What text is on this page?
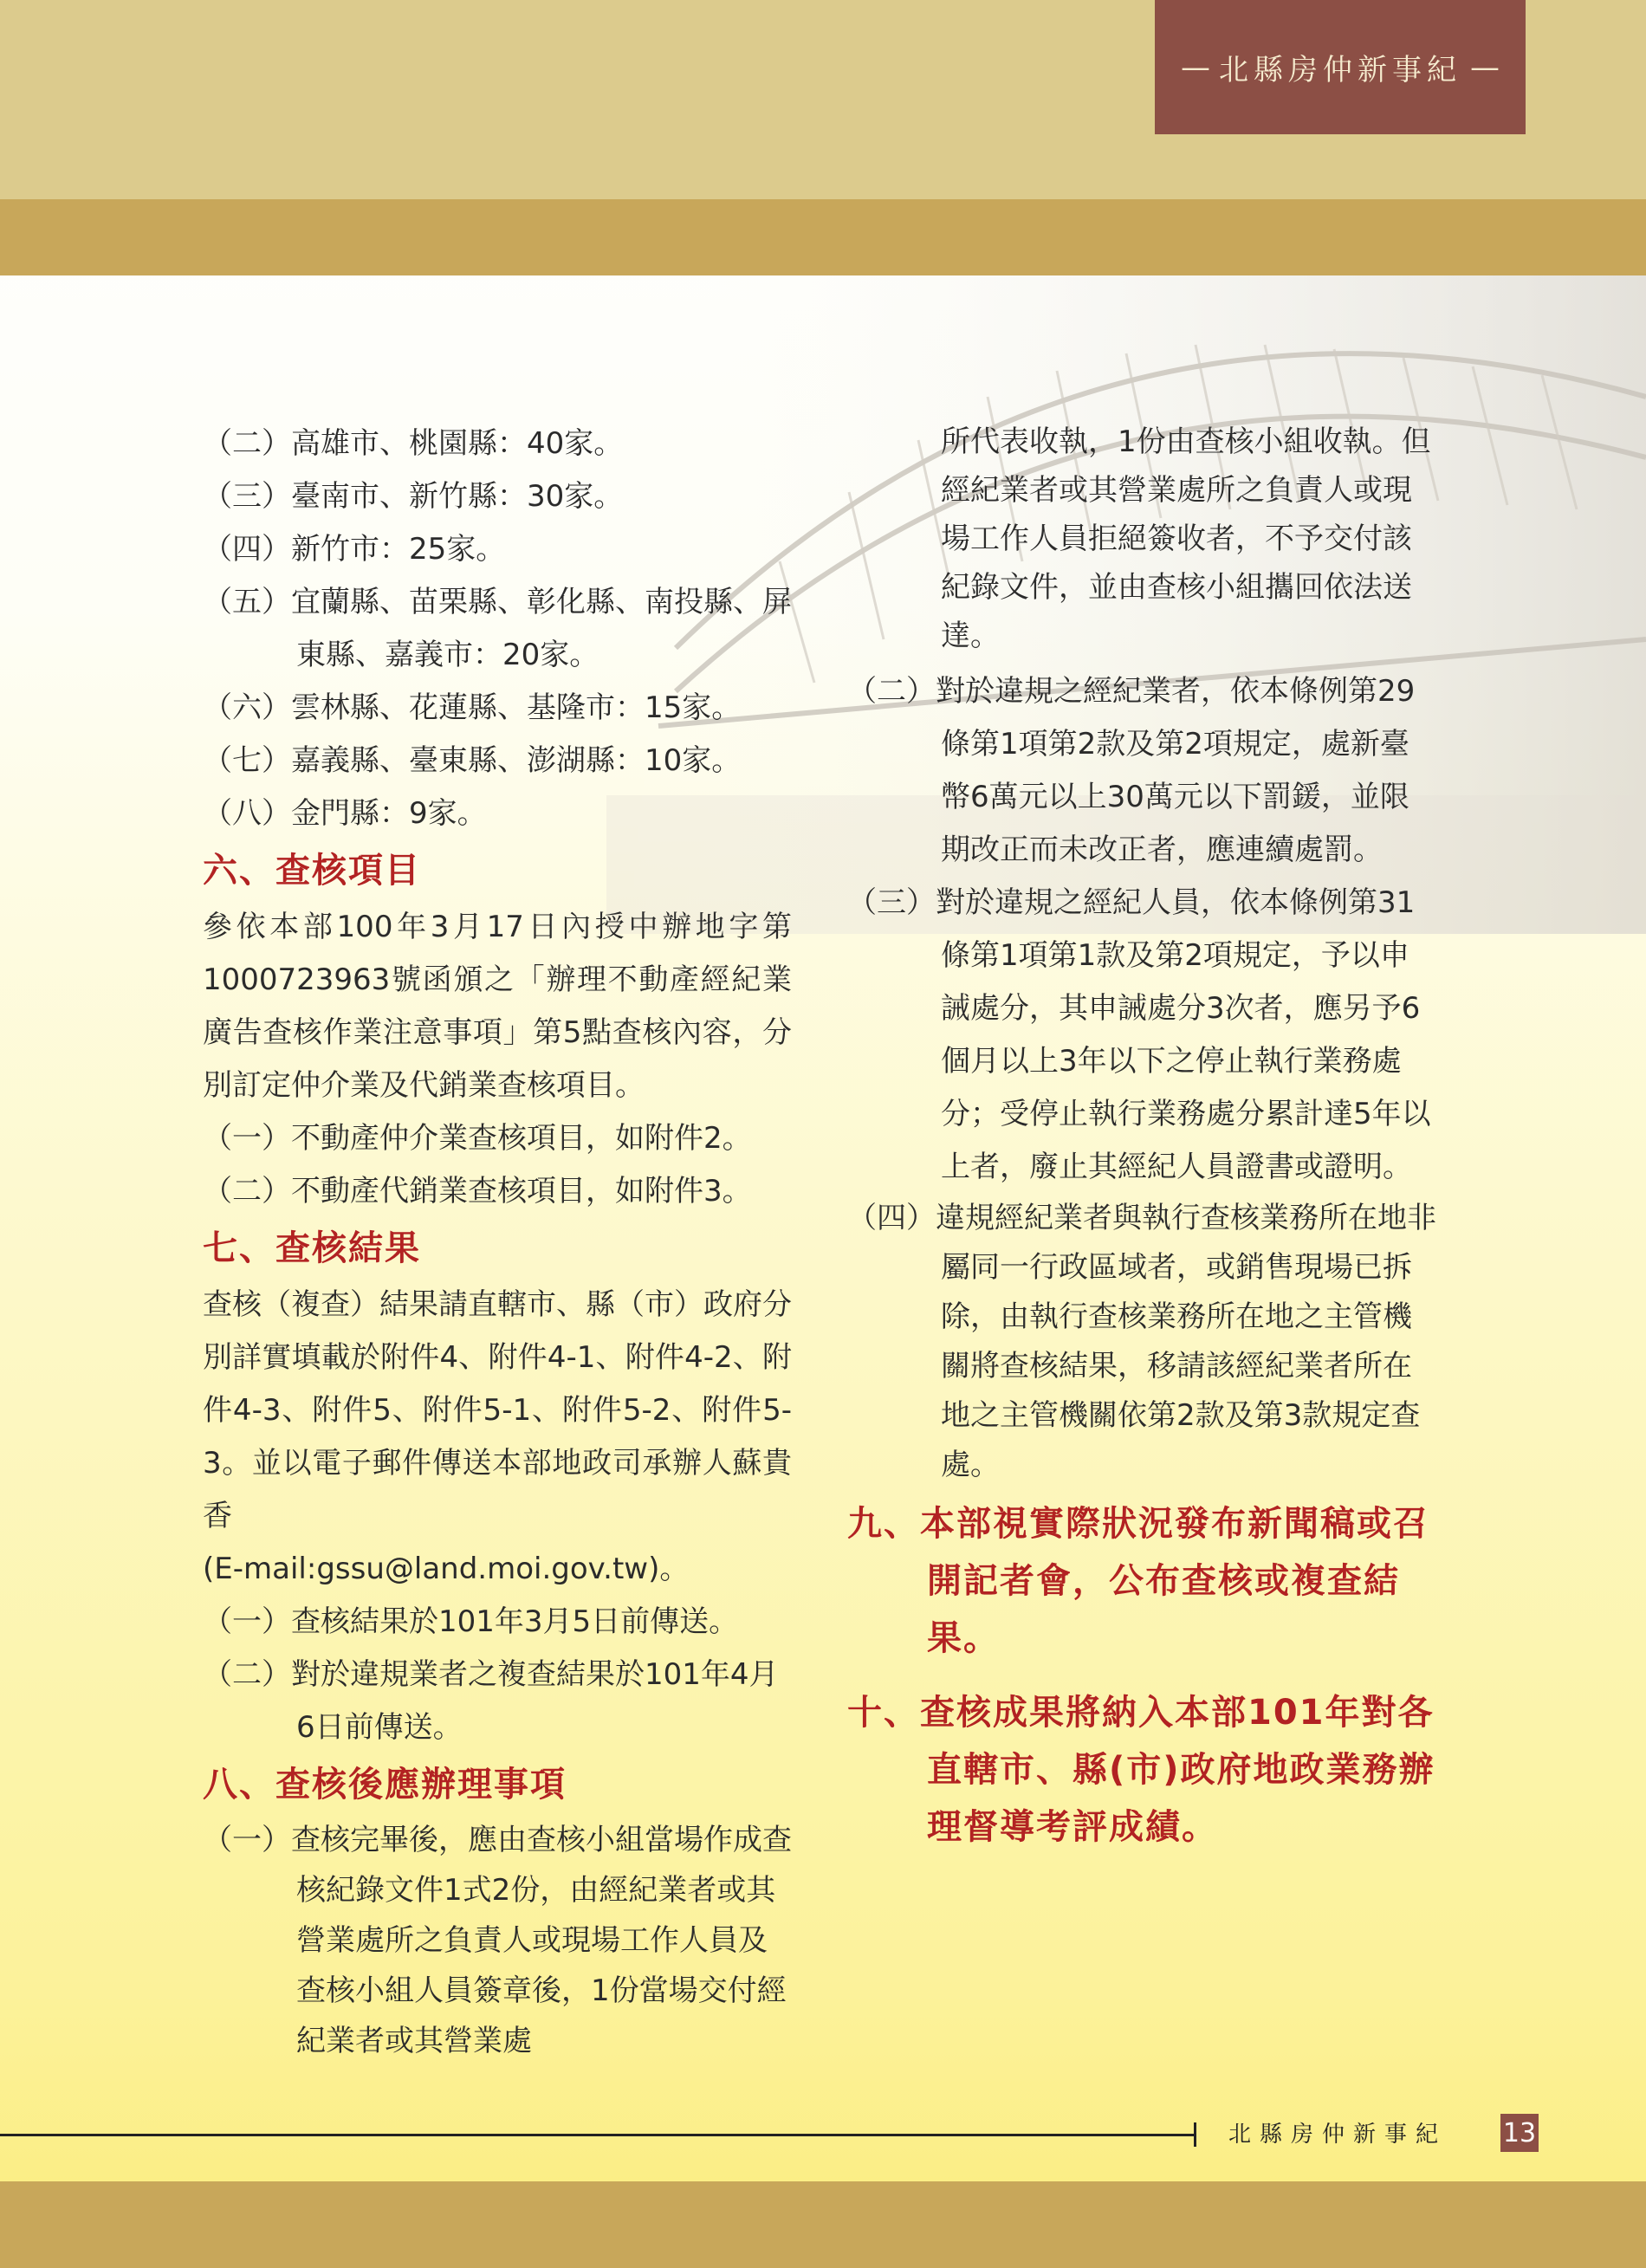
— 北縣房仲新事紀 —

（二）高雄市、桃園縣：40家。

（三）臺南市、新竹縣：30家。

（四）新竹市：25家。

（五）宜蘭縣、苗栗縣、彰化縣、南投縣、屏東縣、嘉義市：20家。

（六）雲林縣、花蓮縣、基隆市：15家。

（七）嘉義縣、臺東縣、澎湖縣：10家。

（八）金門縣：9家。

六、查核項目

參依本部100年3月17日內授中辦地字第1000723963號函頒之「辦理不動產經紀業廣告查核作業注意事項」第5點查核內容，分別訂定仲介業及代銷業查核項目。

（一）不動產仲介業查核項目，如附件2。

（二）不動產代銷業查核項目，如附件3。

七、查核結果

查核（複查）結果請直轄市、縣（市）政府分別詳實填載於附件4、附件4-1、附件4-2、附件4-3、附件5、附件5-1、附件5-2、附件5-3。並以電子郵件傳送本部地政司承辦人蘇貴香

(E-mail:gssu@land.moi.gov.tw)。

（一）查核結果於101年3月5日前傳送。

（二）對於違規業者之複查結果於101年4月6日前傳送。

八、查核後應辦理事項

（一）查核完畢後，應由查核小組當場作成查核紀錄文件1式2份，由經紀業者或其營業處所之負責人或現場工作人員及查核小組人員簽章後，1份當場交付經紀業者或其營業處

所代表收執，1份由查核小組收執。但經紀業者或其營業處所之負責人或現場工作人員拒絕簽收者，不予交付該紀錄文件，並由查核小組攜回依法送達。

（二）對於違規之經紀業者，依本條例第29條第1項第2款及第2項規定，處新臺幣6萬元以上30萬元以下罰鍰，並限期改正而未改正者，應連續處罰。

（三）對於違規之經紀人員，依本條例第31條第1項第1款及第2項規定，予以申誡處分，其申誡處分3次者，應另予6個月以上3年以下之停止執行業務處分；受停止執行業務處分累計達5年以上者，廢止其經紀人員證書或證明。

（四）違規經紀業者與執行查核業務所在地非屬同一行政區域者，或銷售現場已拆除，由執行查核業務所在地之主管機關將查核結果，移請該經紀業者所在地之主管機關依第2款及第3款規定查處。

九、本部視實際狀況發布新聞稿或召開記者會，公布查核或複查結果。

十、查核成果將納入本部101年對各直轄市、縣(市)政府地政業務辦理督導考評成績。

北縣房仲新事紀 13
